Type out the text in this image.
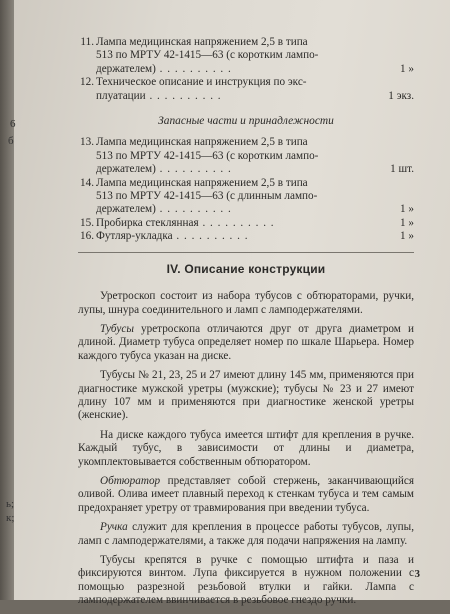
6
б
ь;
к;
11. Лампа медицинская напряжением 2,5 в типа
513 по МРТУ 42-1415—63 (с коротким лампо-
держателем) . . . . . . . . . .	1 »
12. Техническое описание и инструкция по экс-
плуатации . . . . . . . . . .	1 экз.
Запасные части и принадлежности
13. Лампа медицинская напряжением 2,5 в типа
513 по МРТУ 42-1415—63 (с коротким лампо-
держателем) . . . . . . . . . .	1 шт.
14. Лампа медицинская напряжением 2,5 в типа
513 по МРТУ 42-1415—63 (с длинным лампо-
держателем) . . . . . . . . . .	1 »
15. Пробирка стеклянная . . . . . . . . . .	1 »
16. Футляр-укладка . . . . . . . . . .	1 »
IV. Описание конструкции

Уретроскоп состоит из набора тубусов с обтюраторами, ручки, лупы, шнура соединительного и ламп с ламподержателями.

Тубусы уретроскопа отличаются друг от друга диаметром и длиной. Диаметр тубуса определяет номер по шкале Шарьера. Номер каждого тубуса указан на диске.

Тубусы № 21, 23, 25 и 27 имеют длину 145 мм, применяются при диагностике мужской уретры (мужские); тубусы № 23 и 27 имеют длину 107 мм и применяются при диагностике женской уретры (женские).

На диске каждого тубуса имеется штифт для крепления в ручке. Каждый тубус, в зависимости от длины и диаметра, укомплектовывается собственным обтюратором.

Обтюратор представляет собой стержень, заканчивающийся оливой. Олива имеет плавный переход к стенкам тубуса и тем самым предохраняет уретру от травмирования при введении тубуса.

Ручка служит для крепления в процессе работы тубусов, лупы, ламп с ламподержателями, а также для подачи напряжения на лампу.

Тубусы крепятся в ручке с помощью штифта и паза и фиксируются винтом. Лупа фиксируется в нужном положении с помощью разрезной резьбовой втулки и гайки. Лампа с ламподержателем ввинчивается в резьбовое гнездо ручки.

3
